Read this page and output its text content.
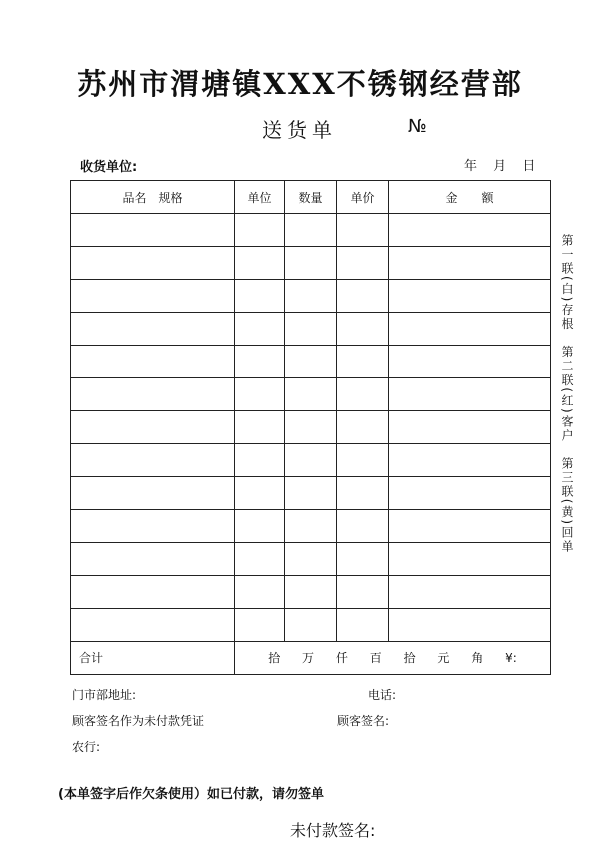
苏州市渭塘镇XXX不锈钢经营部
送货单	№
收货单位:	年 月 日
品名　规格	单位	数量	单价	金　　额

合计	拾 万 仟 百 拾 元 角 ¥:			
第一联(白)存根　第二联(红)客户　第三联(黄)回单
门市部地址:	电话:
顾客签名作为未付款凭证	顾客签名:
农行:
(本单签字后作欠条使用）如已付款，请勿签单
未付款签名:
